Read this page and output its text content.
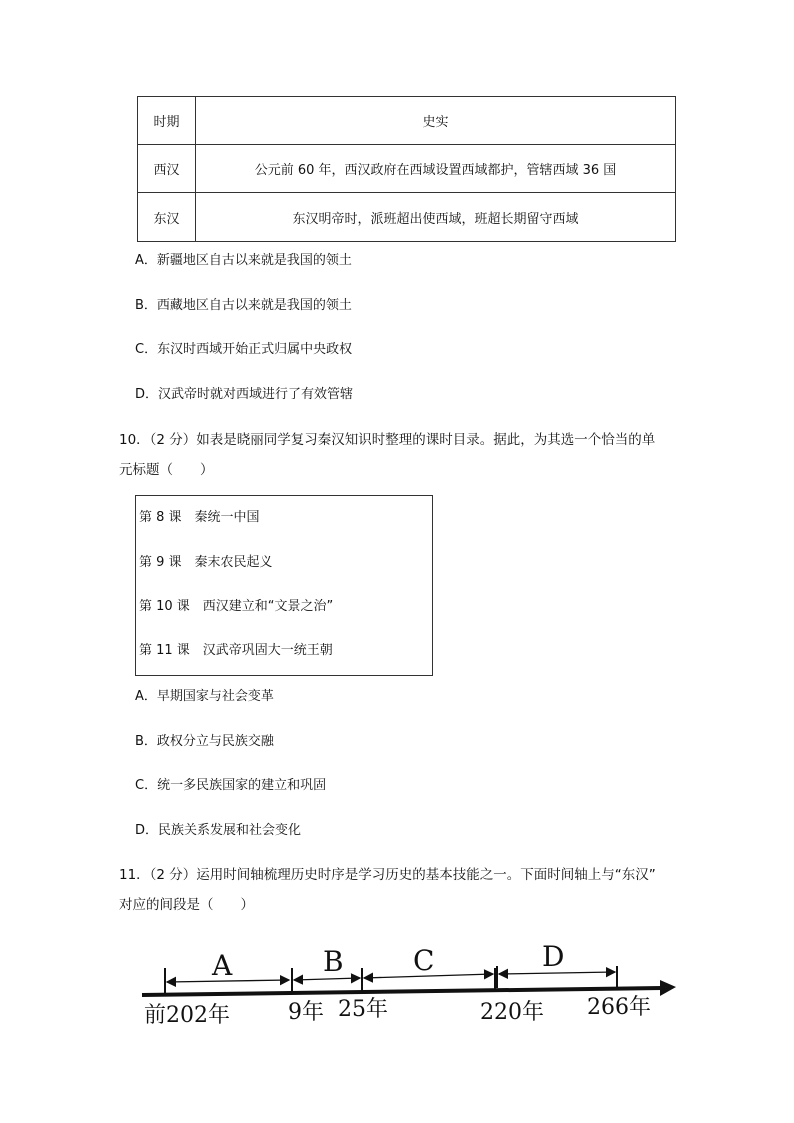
时期	史实
西汉	公元前 60 年，西汉政府在西域设置西域都护，管辖西域 36 国
东汉	东汉明帝时，派班超出使西域，班超长期留守西域
A．新疆地区自古以来就是我国的领土
B．西藏地区自古以来就是我国的领土
C．东汉时西域开始正式归属中央政权
D．汉武帝时就对西域进行了有效管辖
10．（2 分）如表是晓丽同学复习秦汉知识时整理的课时目录。据此，为其选一个恰当的单
元标题（　　）
第 8 课　秦统一中国
第 9 课　秦末农民起义
第 10 课　西汉建立和“文景之治”
第 11 课　汉武帝巩固大一统王朝
A．早期国家与社会变革
B．政权分立与民族交融
C．统一多民族国家的建立和巩固
D．民族关系发展和社会变化
11．（2 分）运用时间轴梳理历史时序是学习历史的基本技能之一。下面时间轴上与“东汉”
对应的间段是（　　）
A	B C	D
前202年	9年 25年	220年 266年
